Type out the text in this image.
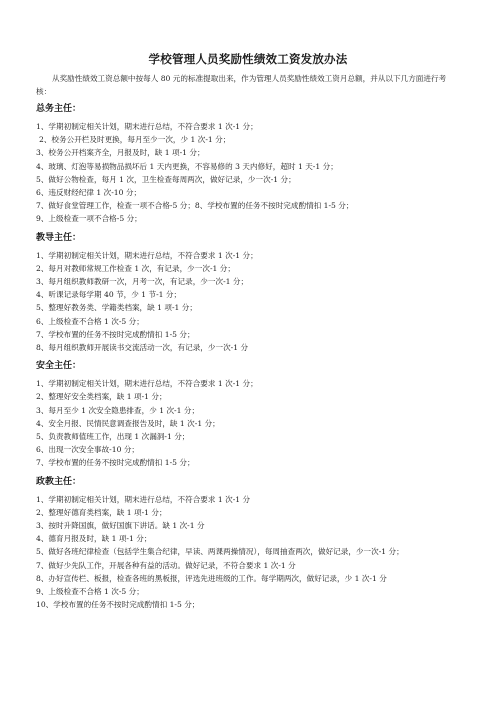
学校管理人员奖励性绩效工资发放办法

从奖励性绩效工资总额中按每人 80 元的标准提取出来，作为管理人员奖励性绩效工资月总额，并从以下几方面进行考核：

总务主任：

1、学期初制定相关计划，期末进行总结，不符合要求 1 次-1 分；

2、校务公开栏及时更换，每月至少一次，少 1 次-1 分；

3、校务公开档案齐全，月报及时，缺 1 项-1 分；

4、玻璃、灯泡等易损物品损坏后 1 天内更换，不容易修的 3 天内修好，超时 1 天-1 分；

5、做好公物检查，每月 1 次，卫生检查每周两次，做好记录，少一次-1 分；

6、违反财经纪律 1 次-10 分；

7、做好食堂管理工作，检查一项不合格-5 分；8、学校布置的任务不按时完成酌情扣 1-5 分；

9、上级检查一项不合格-5 分；

教导主任：

1、学期初制定相关计划，期末进行总结，不符合要求 1 次-1 分；

2、每月对教师常规工作检查 1 次，有记录，少一次-1 分；

3、每月组织教师教研一次，月考一次，有记录，少一次-1 分；

4、听课记录每学期 40 节，少 1 节-1 分；

5、整理好教务类、学籍类档案，缺 1 项-1 分；

6、上级检查不合格 1 次-5 分；

7、学校布置的任务不按时完成酌情扣 1-5 分；

8、每月组织教师开展读书交流活动一次，有记录，少一次-1 分

安全主任：

1、学期初制定相关计划，期末进行总结，不符合要求 1 次-1 分；

2、整理好安全类档案，缺 1 项-1 分；

3、每月至少 1 次安全隐患排查，少 1 次-1 分；

4、安全月报、民情民意调查报告及时，缺 1 次-1 分；

5、负责教师值班工作，出现 1 次漏洞-1 分；

6、出现一次安全事故-10 分；

7、学校布置的任务不按时完成酌情扣 1-5 分；

政教主任：

1、学期初制定相关计划，期末进行总结，不符合要求 1 次-1 分

2、整理好德育类档案，缺 1 项-1 分；

3、按时升降国旗，做好国旗下讲话。缺 1 次-1 分

4、德育月报及时，缺 1 项-1 分；

5、做好各班纪律检查（包括学生集合纪律，早读、两课两操情况），每周抽查两次，做好记录，少一次-1 分；

7、做好少先队工作，开展各种有益的活动。做好记录，不符合要求 1 次-1 分

8、办好宣传栏、板报，检查各班的黑板报，评选先进班级的工作。每学期两次，做好记录，少 1 次-1 分

9、上级检查不合格 1 次-5 分；

10、学校布置的任务不按时完成酌情扣 1-5 分；
